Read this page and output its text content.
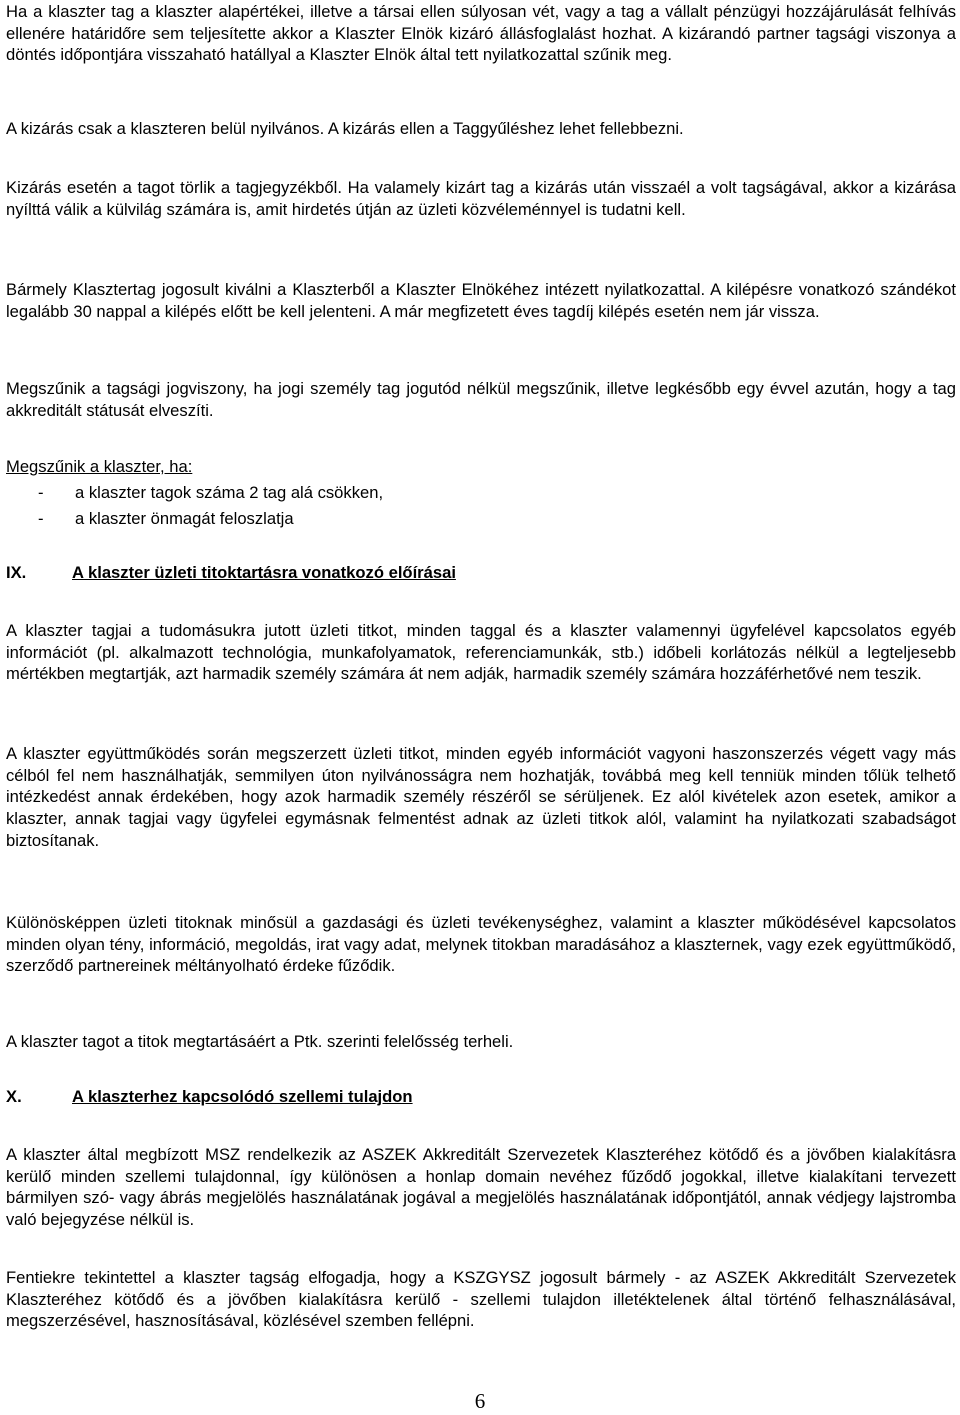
Ha a klaszter tag a klaszter alapértékei, illetve a társai ellen súlyosan vét, vagy a tag a vállalt pénzügyi hozzájárulását felhívás ellenére határidőre sem teljesítette akkor a Klaszter Elnök kizáró állásfoglalást hozhat. A kizárandó partner tagsági viszonya a döntés időpontjára visszaható hatállyal a Klaszter Elnök által tett nyilatkozattal szűnik meg.

A kizárás csak a klaszteren belül nyilvános. A kizárás ellen a Taggyűléshez lehet fellebbezni.

Kizárás esetén a tagot törlik a tagjegyzékből. Ha valamely kizárt tag a kizárás után visszaél a volt tagságával, akkor a kizárása nyílttá válik a külvilág számára is, amit hirdetés útján az üzleti közvéleménnyel is tudatni kell.

Bármely Klasztertag jogosult kiválni a Klaszterből a Klaszter Elnökéhez intézett nyilatkozattal. A kilépésre vonatkozó szándékot legalább 30 nappal a kilépés előtt be kell jelenteni. A már megfizetett éves tagdíj kilépés esetén nem jár vissza.

Megszűnik a tagsági jogviszony, ha jogi személy tag jogutód nélkül megszűnik, illetve legkésőbb egy évvel azután, hogy a tag akkreditált státusát elveszíti.

Megszűnik a klaszter, ha:

- a klaszter tagok száma 2 tag alá csökken,
- a klaszter önmagát feloszlatja
IX.	A klaszter üzleti titoktartásra vonatkozó előírásai

A klaszter tagjai a tudomásukra jutott üzleti titkot, minden taggal és a klaszter valamennyi ügyfelével kapcsolatos egyéb információt (pl. alkalmazott technológia, munkafolyamatok, referenciamunkák, stb.) időbeli korlátozás nélkül a legteljesebb mértékben megtartják, azt harmadik személy számára át nem adják, harmadik személy számára hozzáférhetővé nem teszik.

A klaszter együttműködés során megszerzett üzleti titkot, minden egyéb információt vagyoni haszonszerzés végett vagy más célból fel nem használhatják, semmilyen úton nyilvánosságra nem hozhatják, továbbá meg kell tenniük minden tőlük telhető intézkedést annak érdekében, hogy azok harmadik személy részéről se sérüljenek. Ez alól kivételek azon esetek, amikor a klaszter, annak tagjai vagy ügyfelei egymásnak felmentést adnak az üzleti titkok alól, valamint ha nyilatkozati szabadságot biztosítanak.

Különösképpen üzleti titoknak minősül a gazdasági és üzleti tevékenységhez, valamint a klaszter működésével kapcsolatos minden olyan tény, információ, megoldás, irat vagy adat, melynek titokban maradásához a klaszternek, vagy ezek együttműködő, szerződő partnereinek méltányolható érdeke fűződik.

A klaszter tagot a titok megtartásáért a Ptk. szerinti felelősség terheli.

X.	A klaszterhez kapcsolódó szellemi tulajdon

A klaszter által megbízott MSZ rendelkezik az ASZEK Akkreditált Szervezetek Klaszteréhez kötődő és a jövőben kialakításra kerülő minden szellemi tulajdonnal, így különösen a honlap domain nevéhez fűződő jogokkal, illetve kialakítani tervezett bármilyen szó- vagy ábrás megjelölés használatának jogával a megjelölés használatának időpontjától, annak védjegy lajstromba való bejegyzése nélkül is.

Fentiekre tekintettel a klaszter tagság elfogadja, hogy a KSZGYSZ jogosult bármely - az ASZEK Akkreditált Szervezetek Klaszteréhez kötődő és a jövőben kialakításra kerülő - szellemi tulajdon illetéktelenek által történő felhasználásával, megszerzésével, hasznosításával, közlésével szemben fellépni.

6
